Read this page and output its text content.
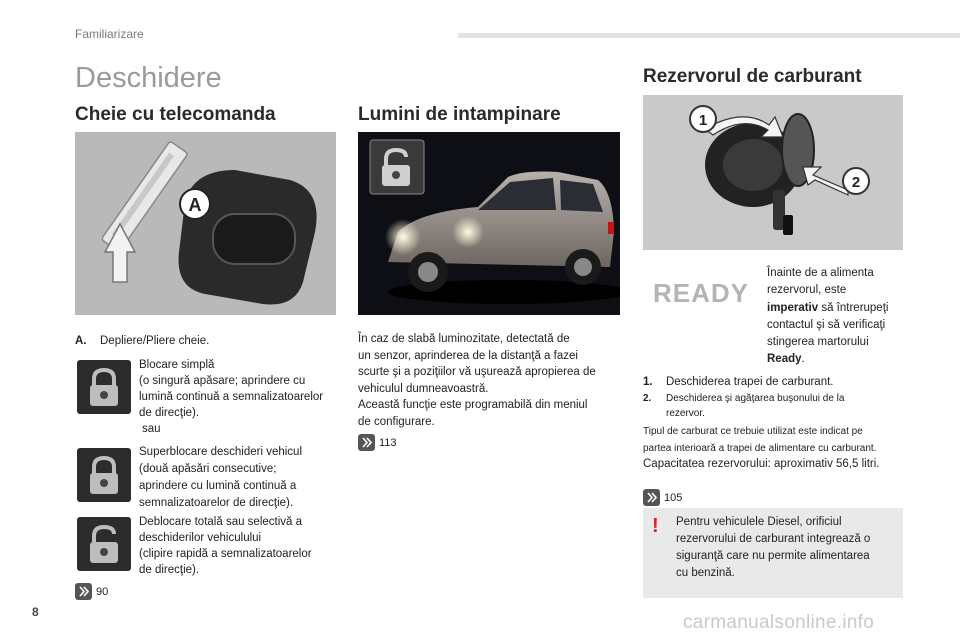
Familiarizare
Deschidere
Cheie cu telecomanda
A
A. Depliere/Pliere cheie.
Blocare simplă
(o singură apăsare; aprindere cu
lumină continuă a semnalizatoarelor
de direcţie).
sau
Superblocare deschideri vehicul
(două apăsări consecutive;
aprindere cu lumină continuă a
semnalizatoarelor de direcţie).
Deblocare totală sau selectivă a
deschiderilor vehiculului
(clipire rapidă a semnalizatoarelor
de direcţie).
90
Lumini de intampinare
În caz de slabă luminozitate, detectată de
un senzor, aprinderea de la distanţă a fazei
scurte şi a poziţiilor vă uşurează apropierea de
vehiculul dumneavoastră.
Această funcţie este programabilă din meniul
de configurare.
113
Rezervorul de carburant
1
2
READY
Înainte de a alimenta
rezervorul, este
imperativ să întrerupeţi
contactul şi să verificaţi
stingerea martorului
Ready.
1. Deschiderea trapei de carburant.
2. Deschiderea şi agăţarea buşonului de la
rezervor.
Tipul de carburat ce trebuie utilizat este indicat pe
partea interioară a trapei de alimentare cu carburant.
Capacitatea rezervorului: aproximativ 56,5 litri.
105
! Pentru vehiculele Diesel, orificiul
rezervorului de carburant integrează o
siguranţă care nu permite alimentarea
cu benzină.
8	carmanualsonline.info
